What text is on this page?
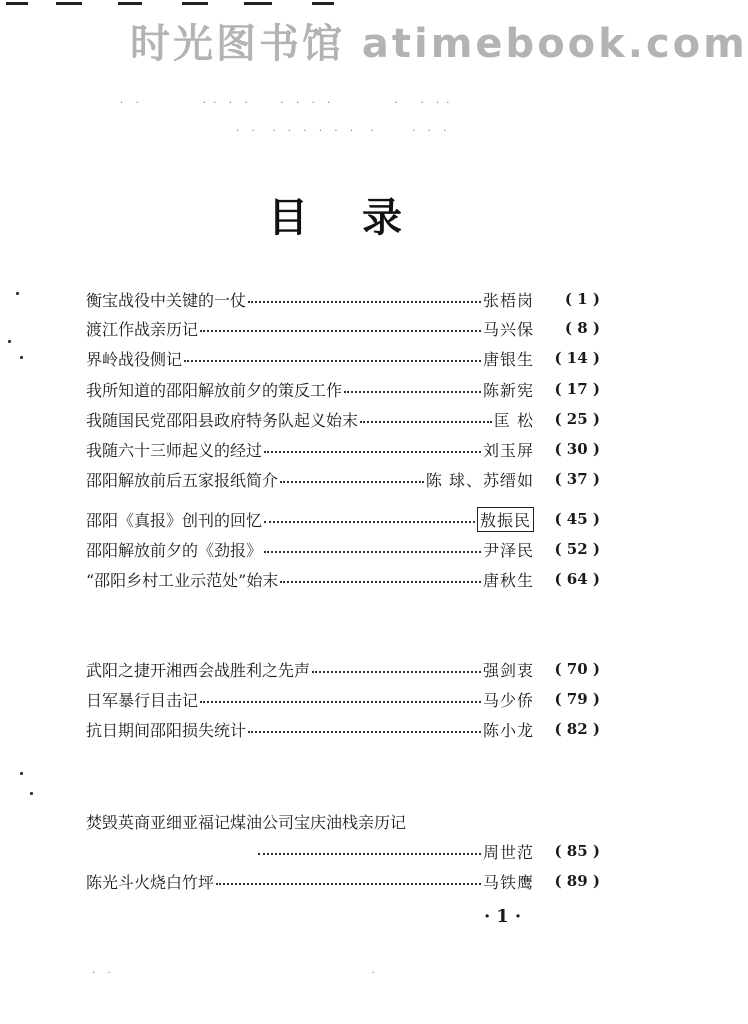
时光图书馆 atimebook.com
·  ·            · ·  ·  ·      ·  ·  ·  ·            ·    ·  · ·
·  ·   ·  ·  ·  ·  ·  ·   ·       ·  ·  ·
目录
衡宝战役中关键的一仗	张梧岗	( 1 )
渡江作战亲历记	马兴保	( 8 )
界岭战役侧记	唐银生	( 14 )
我所知道的邵阳解放前夕的策反工作	陈新宪	( 17 )
我随国民党邵阳县政府特务队起义始末	匡 松	( 25 )
我随六十三师起义的经过	刘玉屏	( 30 )
邵阳解放前后五家报纸简介	陈 球、苏缙如	( 37 )
邵阳《真报》创刊的回忆	敖振民	( 45 )
邵阳解放前夕的《劲报》	尹泽民	( 52 )
“邵阳乡村工业示范处”始末	唐秋生	( 64 )
武阳之捷开湘西会战胜利之先声	强剑衷	( 70 )
日军暴行目击记	马少侨	( 79 )
抗日期间邵阳损失统计	陈小龙	( 82 )
焚毁英商亚细亚福记煤油公司宝庆油栈亲历记
周世范	( 85 )
陈光斗火烧白竹坪	马铁鹰	( 89 )
·1·
·  ·                                                  ·
